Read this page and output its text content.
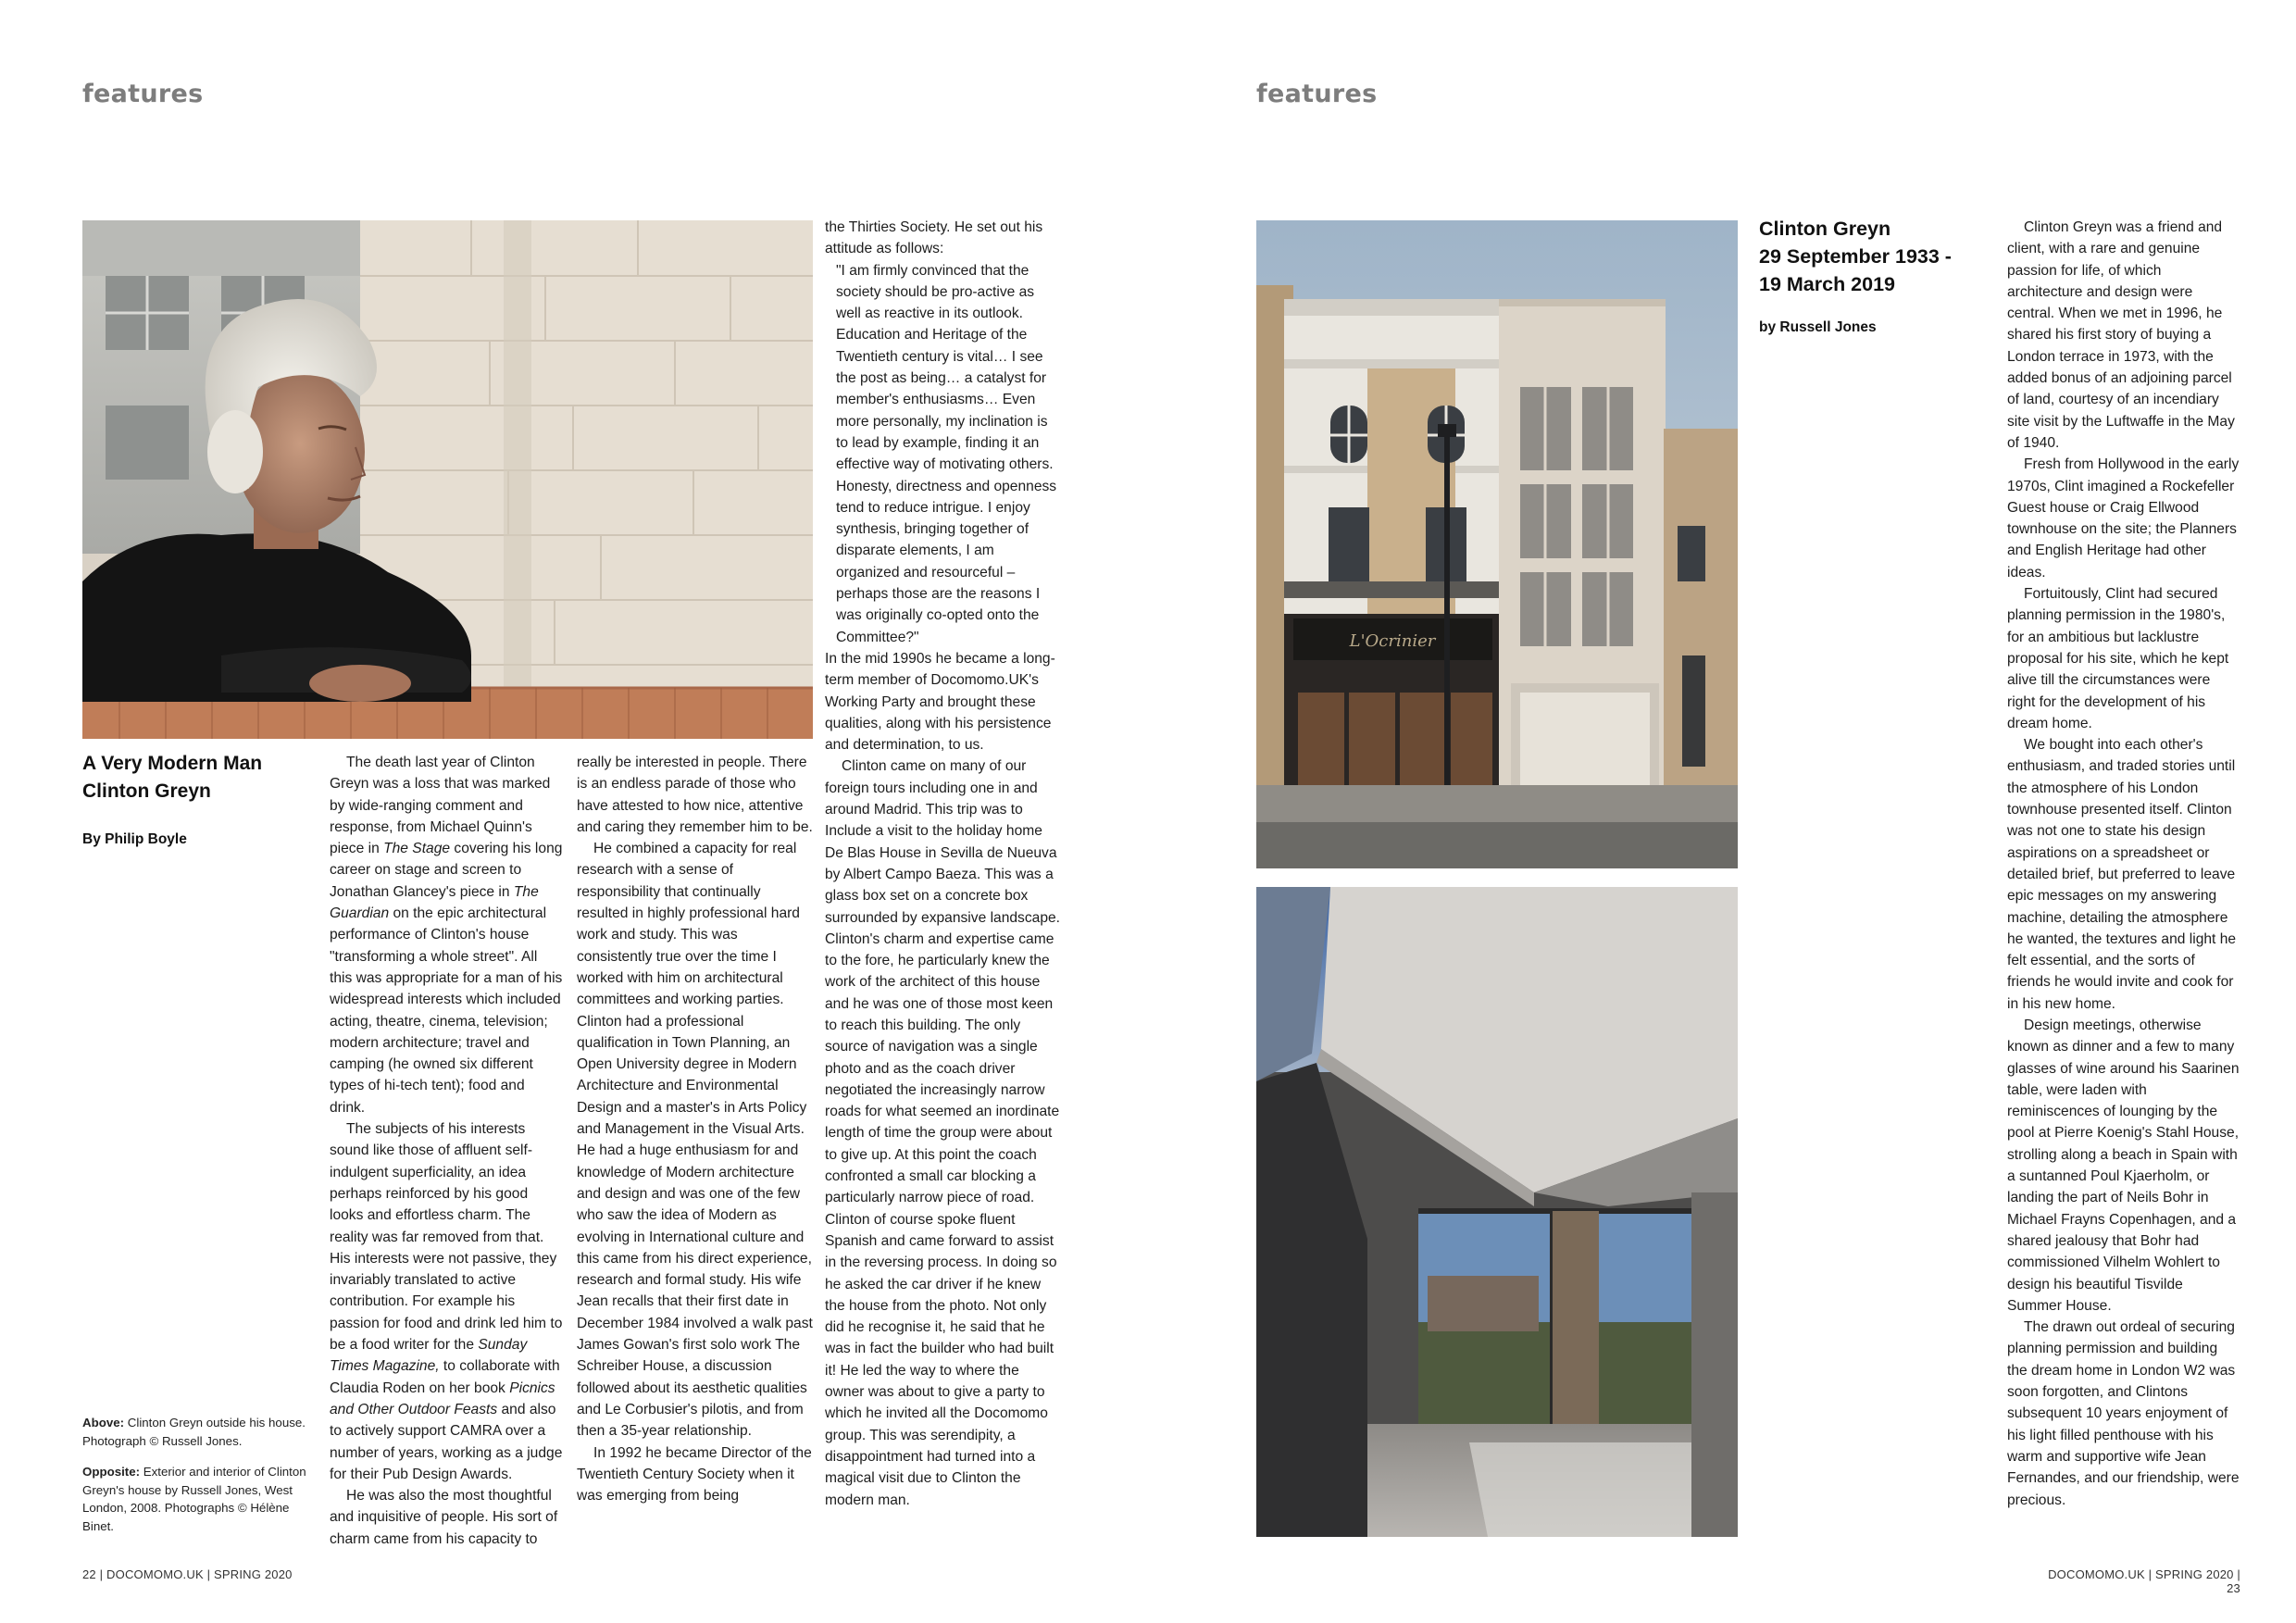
features
A Very Modern Man
Clinton Greyn
By Philip Boyle

Above: Clinton Greyn outside his house. Photograph © Russell Jones.

Opposite: Exterior and interior of Clinton Greyn's house by Russell Jones, West London, 2008. Photographs © Hélène Binet.

The death last year of Clinton Greyn was a loss that was marked by wide-ranging comment and response, from Michael Quinn's piece in The Stage covering his long career on stage and screen to Jonathan Glancey's piece in The Guardian on the epic architectural performance of Clinton's house "transforming a whole street". All this was appropriate for a man of his widespread interests which included acting, theatre, cinema, television; modern architecture; travel and camping (he owned six different types of hi-tech tent); food and drink.

The subjects of his interests sound like those of affluent self-indulgent superficiality, an idea perhaps reinforced by his good looks and effortless charm. The reality was far removed from that. His interests were not passive, they invariably translated to active contribution. For example his passion for food and drink led him to be a food writer for the Sunday Times Magazine, to collaborate with Claudia Roden on her book Picnics and Other Outdoor Feasts and also to actively support CAMRA over a number of years, working as a judge for their Pub Design Awards.

He was also the most thoughtful and inquisitive of people. His sort of charm came from his capacity to

really be interested in people. There is an endless parade of those who have attested to how nice, attentive and caring they remember him to be.

He combined a capacity for real research with a sense of responsibility that continually resulted in highly professional hard work and study. This was consistently true over the time I worked with him on architectural committees and working parties. Clinton had a professional qualification in Town Planning, an Open University degree in Modern Architecture and Environmental Design and a master's in Arts Policy and Management in the Visual Arts. He had a huge enthusiasm for and knowledge of Modern architecture and design and was one of the few who saw the idea of Modern as evolving in International culture and this came from his direct experience, research and formal study. His wife Jean recalls that their first date in December 1984 involved a walk past James Gowan's first solo work The Schreiber House, a discussion followed about its aesthetic qualities and Le Corbusier's pilotis, and from then a 35-year relationship.

In 1992 he became Director of the Twentieth Century Society when it was emerging from being

the Thirties Society. He set out his attitude as follows:

"I am firmly convinced that the society should be pro-active as well as reactive in its outlook. Education and Heritage of the Twentieth century is vital… I see the post as being… a catalyst for member's enthusiasms… Even more personally, my inclination is to lead by example, finding it an effective way of motivating others. Honesty, directness and openness tend to reduce intrigue. I enjoy synthesis, bringing together of disparate elements, I am organized and resourceful – perhaps those are the reasons I was originally co-opted onto the Committee?"

In the mid 1990s he became a long-term member of Docomomo.UK's Working Party and brought these qualities, along with his persistence and determination, to us.

Clinton came on many of our foreign tours including one in and around Madrid. This trip was to Include a visit to the holiday home De Blas House in Sevilla de Nueuva by Albert Campo Baeza. This was a glass box set on a concrete box surrounded by expansive landscape. Clinton's charm and expertise came to the fore, he particularly knew the work of the architect of this house and he was one of those most keen to reach this building. The only source of navigation was a single photo and as the coach driver negotiated the increasingly narrow roads for what seemed an inordinate length of time the group were about to give up. At this point the coach confronted a small car blocking a particularly narrow piece of road. Clinton of course spoke fluent Spanish and came forward to assist in the reversing process. In doing so he asked the car driver if he knew the house from the photo. Not only did he recognise it, he said that he was in fact the builder who had built it! He led the way to where the owner was about to give a party to which he invited all the Docomomo group. This was serendipity, a disappointment had turned into a magical visit due to Clinton the modern man.

22 | DOCOMOMO.UK | SPRING 2020
features
L'Ocrinier
Clinton Greyn
29 September 1933 -
19 March 2019
by Russell Jones

Clinton Greyn was a friend and client, with a rare and genuine passion for life, of which architecture and design were central. When we met in 1996, he shared his first story of buying a London terrace in 1973, with the added bonus of an adjoining parcel of land, courtesy of an incendiary site visit by the Luftwaffe in the May of 1940.

Fresh from Hollywood in the early 1970s, Clint imagined a Rockefeller Guest house or Craig Ellwood townhouse on the site; the Planners and English Heritage had other ideas.

Fortuitously, Clint had secured planning permission in the 1980's, for an ambitious but lacklustre proposal for his site, which he kept alive till the circumstances were right for the development of his dream home.

We bought into each other's enthusiasm, and traded stories until the atmosphere of his London townhouse presented itself. Clinton was not one to state his design aspirations on a spreadsheet or detailed brief, but preferred to leave epic messages on my answering machine, detailing the atmosphere he wanted, the textures and light he felt essential, and the sorts of friends he would invite and cook for in his new home.

Design meetings, otherwise known as dinner and a few to many glasses of wine around his Saarinen table, were laden with reminiscences of lounging by the pool at Pierre Koenig's Stahl House, strolling along a beach in Spain with a suntanned Poul Kjaerholm, or landing the part of Neils Bohr in Michael Frayns Copenhagen, and a shared jealousy that Bohr had commissioned Vilhelm Wohlert to design his beautiful Tisvilde Summer House.

The drawn out ordeal of securing planning permission and building the dream home in London W2 was soon forgotten, and Clintons subsequent 10 years enjoyment of his light filled penthouse with his warm and supportive wife Jean Fernandes, and our friendship, were precious.

DOCOMOMO.UK | SPRING 2020 | 23
